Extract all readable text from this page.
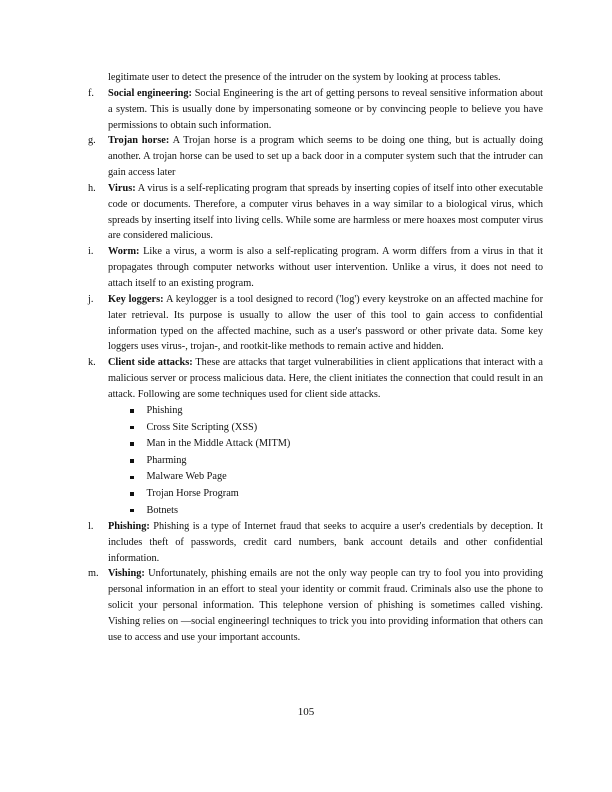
legitimate user to detect the presence of the intruder on the system by looking at process tables.
f.	Social engineering: Social Engineering is the art of getting persons to reveal sensitive information about a system. This is usually done by impersonating someone or by convincing people to believe you have permissions to obtain such information.
g.	Trojan horse: A Trojan horse is a program which seems to be doing one thing, but is actually doing another. A trojan horse can be used to set up a back door in a computer system such that the intruder can gain access later
h.	Virus: A virus is a self-replicating program that spreads by inserting copies of itself into other executable code or documents. Therefore, a computer virus behaves in a way similar to a biological virus, which spreads by inserting itself into living cells. While some are harmless or mere hoaxes most computer virus are considered malicious.
i.	Worm: Like a virus, a worm is also a self-replicating program. A worm differs from a virus in that it propagates through computer networks without user intervention. Unlike a virus, it does not need to attach itself to an existing program.
j.	Key loggers: A keylogger is a tool designed to record ('log') every keystroke on an affected machine for later retrieval. Its purpose is usually to allow the user of this tool to gain access to confidential information typed on the affected machine, such as a user's password or other private data. Some key loggers uses virus-, trojan-, and rootkit-like methods to remain active and hidden.
k.	Client side attacks: These are attacks that target vulnerabilities in client applications that interact with a malicious server or process malicious data. Here, the client initiates the connection that could result in an attack. Following are some techniques used for client side attacks.
Phishing
Cross Site Scripting (XSS)
Man in the Middle Attack (MITM)
Pharming
Malware Web Page
Trojan Horse Program
Botnets
l.	Phishing: Phishing is a type of Internet fraud that seeks to acquire a user's credentials by deception. It includes theft of passwords, credit card numbers, bank account details and other confidential information.
m. Vishing: Unfortunately, phishing emails are not the only way people can try to fool you into providing personal information in an effort to steal your identity or commit fraud. Criminals also use the phone to solicit your personal information. This telephone version of phishing is sometimes called vishing. Vishing relies on ―social engineering‖ techniques to trick you into providing information that others can use to access and use your important accounts.
105
